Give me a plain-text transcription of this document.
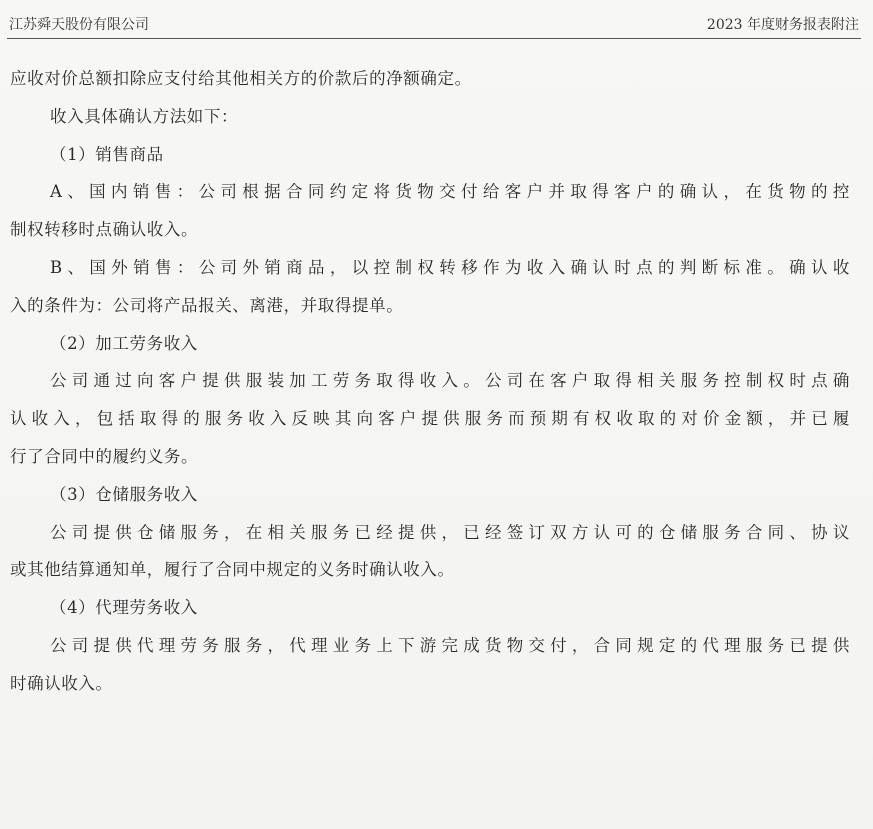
江苏舜天股份有限公司	2023 年度财务报表附注
应收对价总额扣除应支付给其他相关方的价款后的净额确定。
收入具体确认方法如下：
（1）销售商品
A、国内销售：公司根据合同约定将货物交付给客户并取得客户的确认，在货物的控
制权转移时点确认收入。
B、国外销售：公司外销商品，以控制权转移作为收入确认时点的判断标准。确认收
入的条件为：公司将产品报关、离港，并取得提单。
（2）加工劳务收入
公司通过向客户提供服装加工劳务取得收入。公司在客户取得相关服务控制权时点确
认收入，包括取得的服务收入反映其向客户提供服务而预期有权收取的对价金额，并已履
行了合同中的履约义务。
（3）仓储服务收入
公司提供仓储服务，在相关服务已经提供，已经签订双方认可的仓储服务合同、协议
或其他结算通知单，履行了合同中规定的义务时确认收入。
（4）代理劳务收入
公司提供代理劳务服务，代理业务上下游完成货物交付，合同规定的代理服务已提供
时确认收入。
